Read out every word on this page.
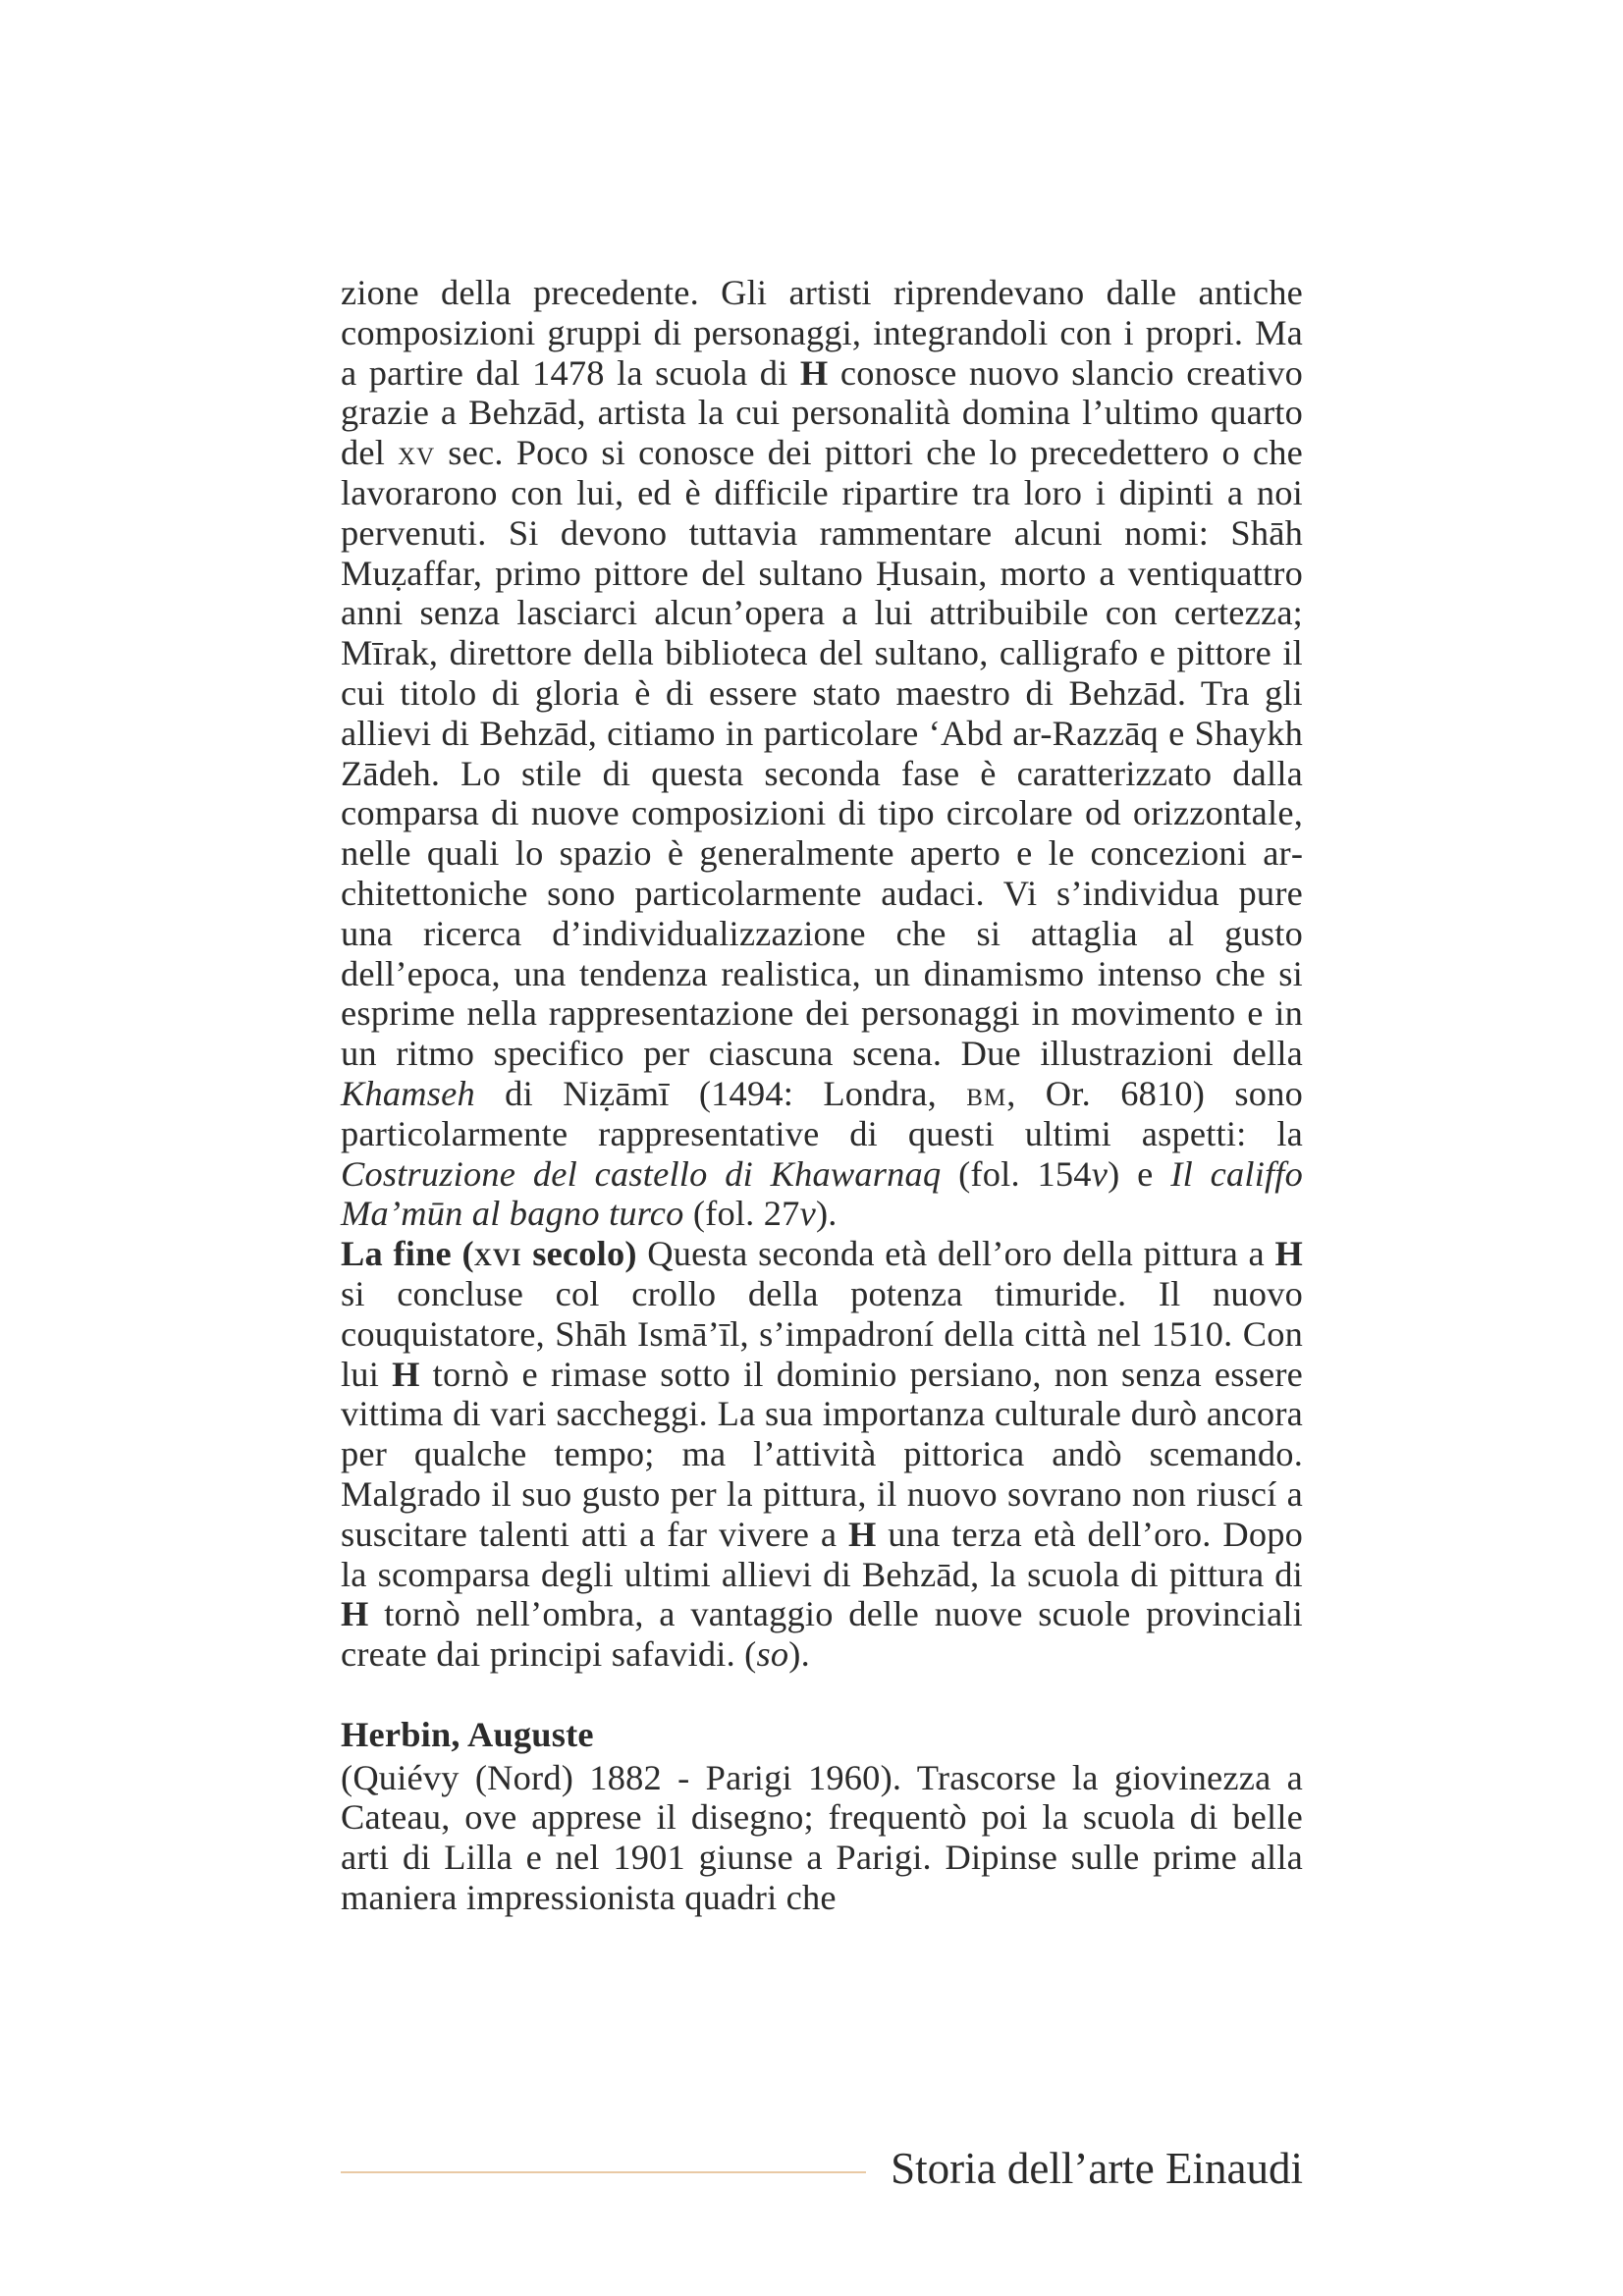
zione della precedente. Gli artisti riprendevano dalle antiche composizioni gruppi di personaggi, integrandoli con i propri. Ma a partire dal 1478 la scuola di H conosce nuovo slancio creativo grazie a Behzād, artista la cui personalità domina l’ultimo quarto del xv sec. Poco si conosce dei pittori che lo precedettero o che lavorarono con lui, ed è difficile ripartire tra loro i dipinti a noi pervenuti. Si devono tuttavia rammentare alcuni nomi: Shāh Muẓaffar, primo pittore del sultano Ḥusain, morto a ventiquattro anni senza lasciarci alcun’opera a lui attribuibile con certezza; Mīrak, direttore della biblioteca del sultano, calligrafo e pittore il cui titolo di gloria è di essere stato maestro di Behzād. Tra gli allievi di Behzād, citiamo in particolare ‘Abd ar-Razzāq e Shaykh Zādeh. Lo stile di questa seconda fase è caratterizzato dalla comparsa di nuove composizioni di tipo circolare od orizzontale, nelle quali lo spazio è generalmente aperto e le concezioni architettoniche sono particolarmente audaci. Vi s’individua pure una ricerca d’individualizzazione che si attaglia al gusto dell’epoca, una tendenza realistica, un dinamismo intenso che si esprime nella rappresentazione dei personaggi in movimento e in un ritmo specifico per ciascuna scena. Due illustrazioni della Khamseh di Niẓāmī (1494: Londra, bm, Or. 6810) sono particolarmente rappresentative di questi ultimi aspetti: la Costruzione del castello di Khawarnaq (fol. 154v) e Il califfo Ma’mūn al bagno turco (fol. 27v).

La fine (xvi secolo) Questa seconda età dell’oro della pittura a H si concluse col crollo della potenza timuride. Il nuovo couquistatore, Shāh Ismā’īl, s’impadroní della città nel 1510. Con lui H tornò e rimase sotto il dominio persiano, non senza essere vittima di vari saccheggi. La sua importanza culturale durò ancora per qualche tempo; ma l’attività pittorica andò scemando. Malgrado il suo gusto per la pittura, il nuovo sovrano non riuscí a suscitare talenti atti a far vivere a H una terza età dell’oro. Dopo la scomparsa degli ultimi allievi di Behzād, la scuola di pittura di H tornò nell’ombra, a vantaggio delle nuove scuole provinciali create dai principi safavidi. (so).

Herbin, Auguste

(Quiévy (Nord) 1882 - Parigi 1960). Trascorse la giovinezza a Cateau, ove apprese il disegno; frequentò poi la scuola di belle arti di Lilla e nel 1901 giunse a Parigi. Dipinse sulle prime alla maniera impressionista quadri che

Storia dell’arte Einaudi
